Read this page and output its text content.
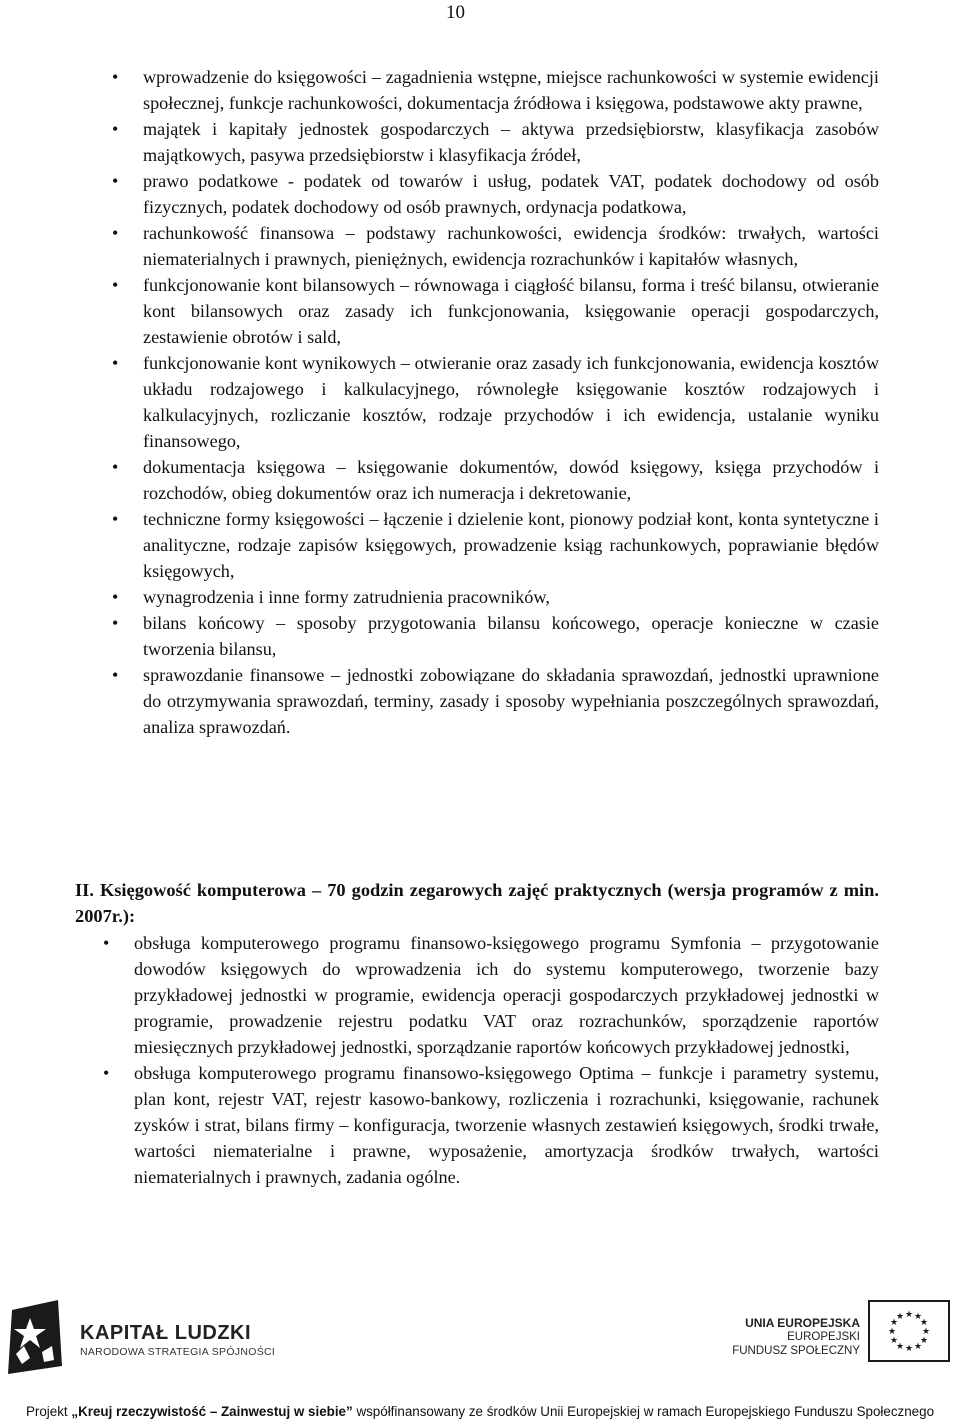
10
• wprowadzenie do księgowości – zagadnienia wstępne, miejsce rachunkowości w systemie ewidencji społecznej, funkcje rachunkowości, dokumentacja źródłowa i księgowa, podstawowe akty prawne,
• majątek i kapitały jednostek gospodarczych – aktywa przedsiębiorstw, klasyfikacja zasobów majątkowych, pasywa przedsiębiorstw i klasyfikacja źródeł,
• prawo podatkowe - podatek od towarów i usług, podatek VAT, podatek dochodowy od osób fizycznych, podatek dochodowy od osób prawnych, ordynacja podatkowa,
• rachunkowość finansowa – podstawy rachunkowości, ewidencja środków: trwałych, wartości niematerialnych i prawnych, pieniężnych, ewidencja rozrachunków i kapitałów własnych,
• funkcjonowanie kont bilansowych – równowaga i ciągłość bilansu, forma i treść bilansu, otwieranie kont bilansowych oraz zasady ich funkcjonowania, księgowanie operacji gospodarczych, zestawienie obrotów i sald,
• funkcjonowanie kont wynikowych – otwieranie oraz zasady ich funkcjonowania, ewidencja kosztów układu rodzajowego i kalkulacyjnego, równoległe księgowanie kosztów rodzajowych i kalkulacyjnych, rozliczanie kosztów, rodzaje przychodów i ich ewidencja, ustalanie wyniku finansowego,
• dokumentacja księgowa – księgowanie dokumentów, dowód księgowy, księga przychodów i rozchodów, obieg dokumentów oraz ich numeracja i dekretowanie,
• techniczne formy księgowości – łączenie i dzielenie kont, pionowy podział kont, konta syntetyczne i analityczne, rodzaje zapisów księgowych, prowadzenie ksiąg rachunkowych, poprawianie błędów księgowych,
• wynagrodzenia i inne formy zatrudnienia pracowników,
• bilans końcowy – sposoby przygotowania bilansu końcowego, operacje konieczne w czasie tworzenia bilansu,
• sprawozdanie finansowe – jednostki zobowiązane do składania sprawozdań, jednostki uprawnione do otrzymywania sprawozdań, terminy, zasady i sposoby wypełniania poszczególnych sprawozdań, analiza sprawozdań.
II. Księgowość komputerowa – 70 godzin zegarowych zajęć praktycznych (wersja programów z min. 2007r.):
• obsługa komputerowego programu finansowo-księgowego programu Symfonia – przygotowanie dowodów księgowych do wprowadzenia ich do systemu komputerowego, tworzenie bazy przykładowej jednostki w programie, ewidencja operacji gospodarczych przykładowej jednostki w programie, prowadzenie rejestru podatku VAT oraz rozrachunków, sporządzenie raportów miesięcznych przykładowej jednostki, sporządzanie raportów końcowych przykładowej jednostki,
• obsługa komputerowego programu finansowo-księgowego Optima – funkcje i parametry systemu, plan kont, rejestr VAT, rejestr kasowo-bankowy, rozliczenia i rozrachunki, księgowanie, rachunek zysków i strat, bilans firmy – konfiguracja, tworzenie własnych zestawień księgowych, środki trwałe, wartości niematerialne i prawne, wyposażenie, amortyzacja środków trwałych, wartości niematerialnych i prawnych, zadania ogólne.
KAPITAŁ LUDZKI
NARODOWA STRATEGIA SPÓJNOŚCI
UNIA EUROPEJSKA
EUROPEJSKI
FUNDUSZ SPOŁECZNY
★ ★
★
★
★
★
★
★
★
★
★
★
Projekt „Kreuj rzeczywistość – Zainwestuj w siebie” współfinansowany ze środków Unii Europejskiej w ramach Europejskiego Funduszu Społecznego
